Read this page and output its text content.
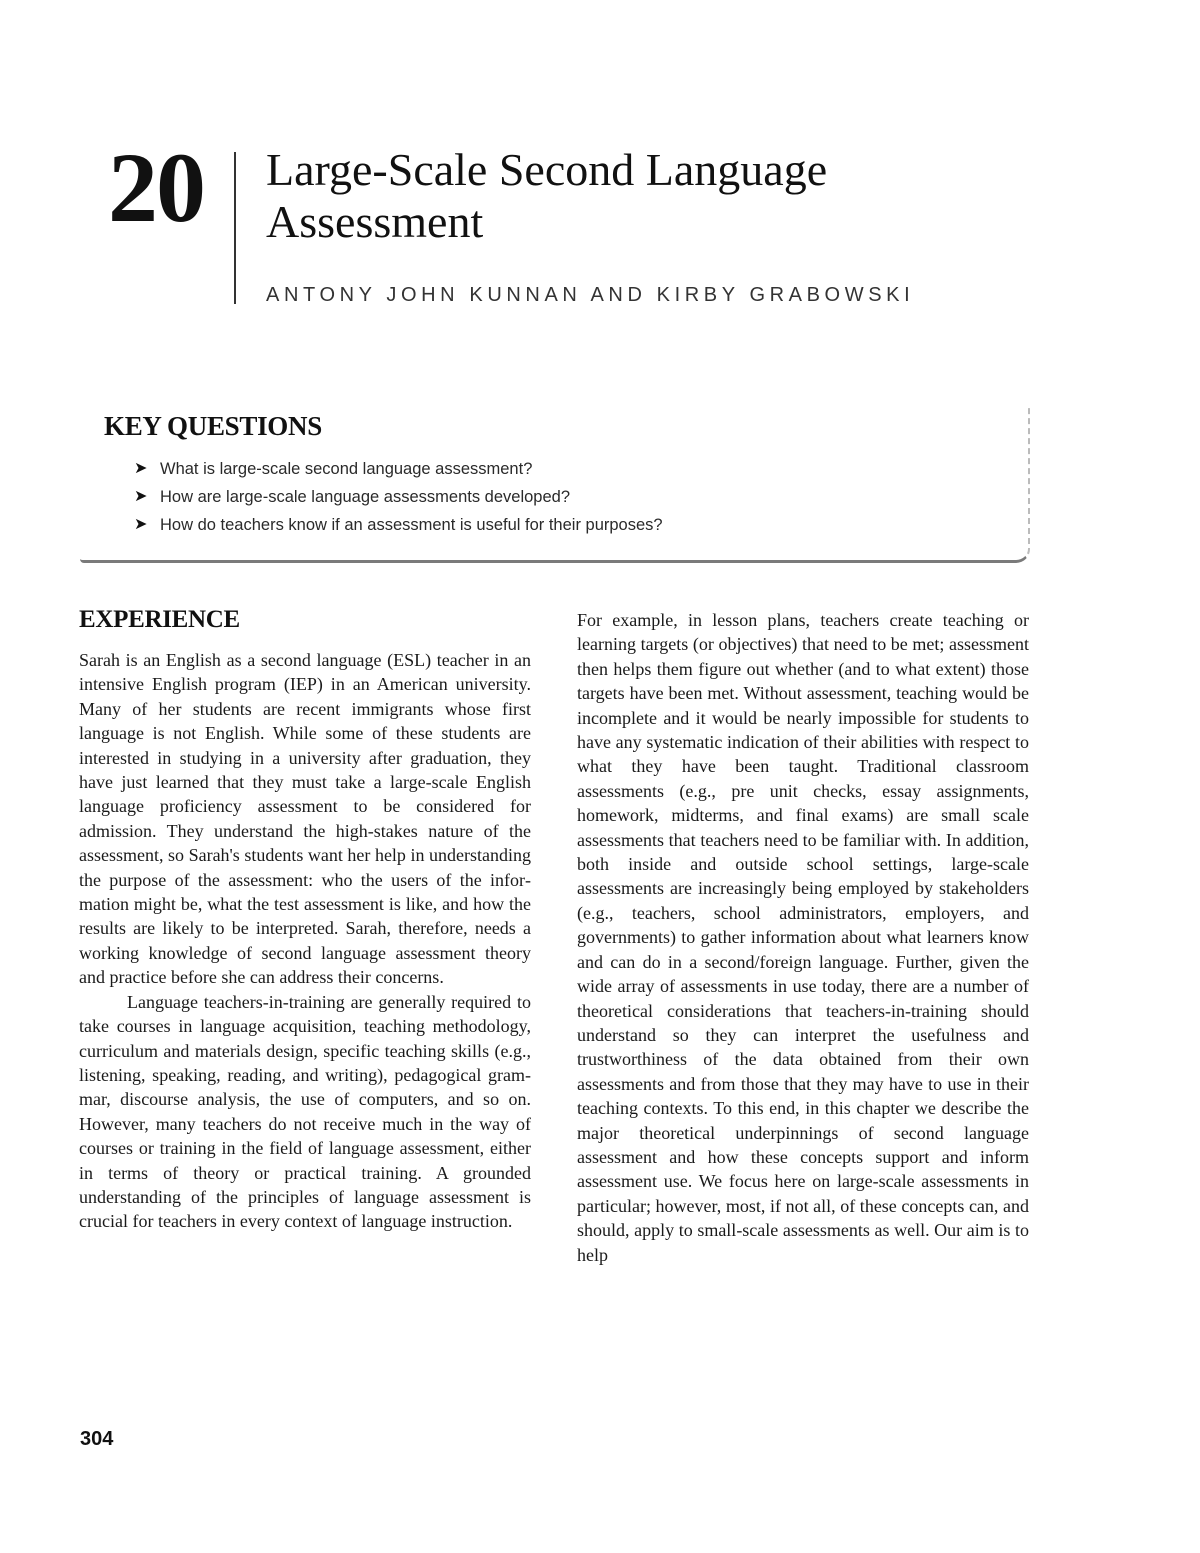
20 Large-Scale Second Language
Assessment
ANTONY JOHN KUNNAN AND KIRBY GRABOWSKI
KEY QUESTIONS
➤ What is large-scale second language assessment?
➤ How are large-scale language assessments developed?
➤ How do teachers know if an assessment is useful for their purposes?
EXPERIENCE

Sarah is an English as a second language (ESL) teacher in an intensive English program (IEP) in an American university. Many of her students are recent immigrants whose first language is not English. While some of these students are interested in studying in a university after graduation, they have just learned that they must take a large-scale English language proficiency assessment to be considered for admission. They understand the high-stakes nature of the assessment, so Sarah's students want her help in understanding the purpose of the assessment: who the users of the information might be, what the test assessment is like, and how the results are likely to be interpreted. Sarah, therefore, needs a working knowledge of second language assessment theory and practice before she can address their concerns.

Language teachers-in-training are generally required to take courses in language acquisition, teaching methodology, curriculum and materials design, specific teaching skills (e.g., listening, speaking, reading, and writing), pedagogical grammar, discourse analysis, the use of computers, and so on. However, many teachers do not receive much in the way of courses or training in the field of language assessment, either in terms of theory or practical training. A grounded understanding of the principles of language assessment is crucial for teachers in every context of language instruction.

For example, in lesson plans, teachers create teaching or learning targets (or objectives) that need to be met; assessment then helps them figure out whether (and to what extent) those targets have been met. Without assessment, teaching would be incomplete and it would be nearly impossible for students to have any systematic indication of their abilities with respect to what they have been taught. Traditional classroom assessments (e.g., pre unit checks, essay assignments, homework, midterms, and final exams) are small scale assessments that teachers need to be familiar with. In addition, both inside and outside school settings, large-scale assessments are increasingly being employed by stakeholders (e.g., teachers, school administrators, employers, and governments) to gather information about what learners know and can do in a second/foreign language. Further, given the wide array of assessments in use today, there are a number of theoretical considerations that teachers-in-training should understand so they can interpret the usefulness and trustworthiness of the data obtained from their own assessments and from those that they may have to use in their teaching contexts. To this end, in this chapter we describe the major theoretical underpinnings of second language assessment and how these concepts support and inform assessment use. We focus here on large-scale assessments in particular; however, most, if not all, of these concepts can, and should, apply to small-scale assessments as well. Our aim is to help

304
